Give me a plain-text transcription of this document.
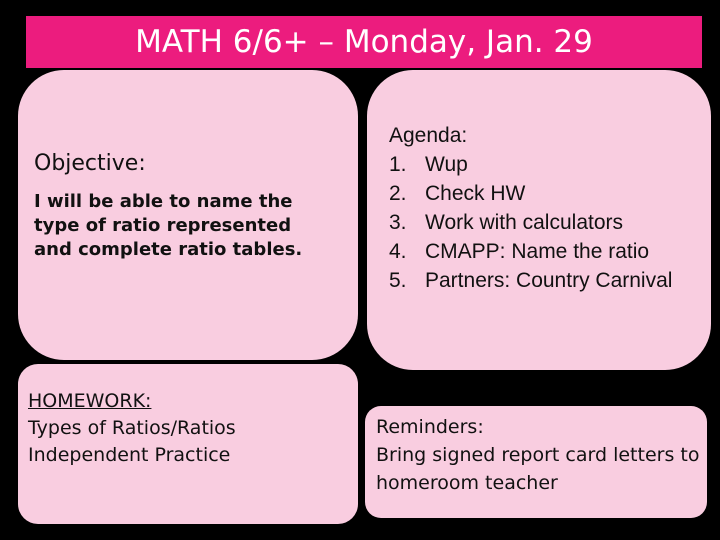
MATH 6/6+ – Monday, Jan. 29
Objective:
I will be able to name the type of ratio represented and complete ratio tables.
Agenda:
1. Wup
2. Check HW
3. Work with calculators
4. CMAPP: Name the ratio
5. Partners: Country Carnival
HOMEWORK:
Types of Ratios/Ratios
Independent Practice
Reminders:
Bring signed report card letters to homeroom teacher
